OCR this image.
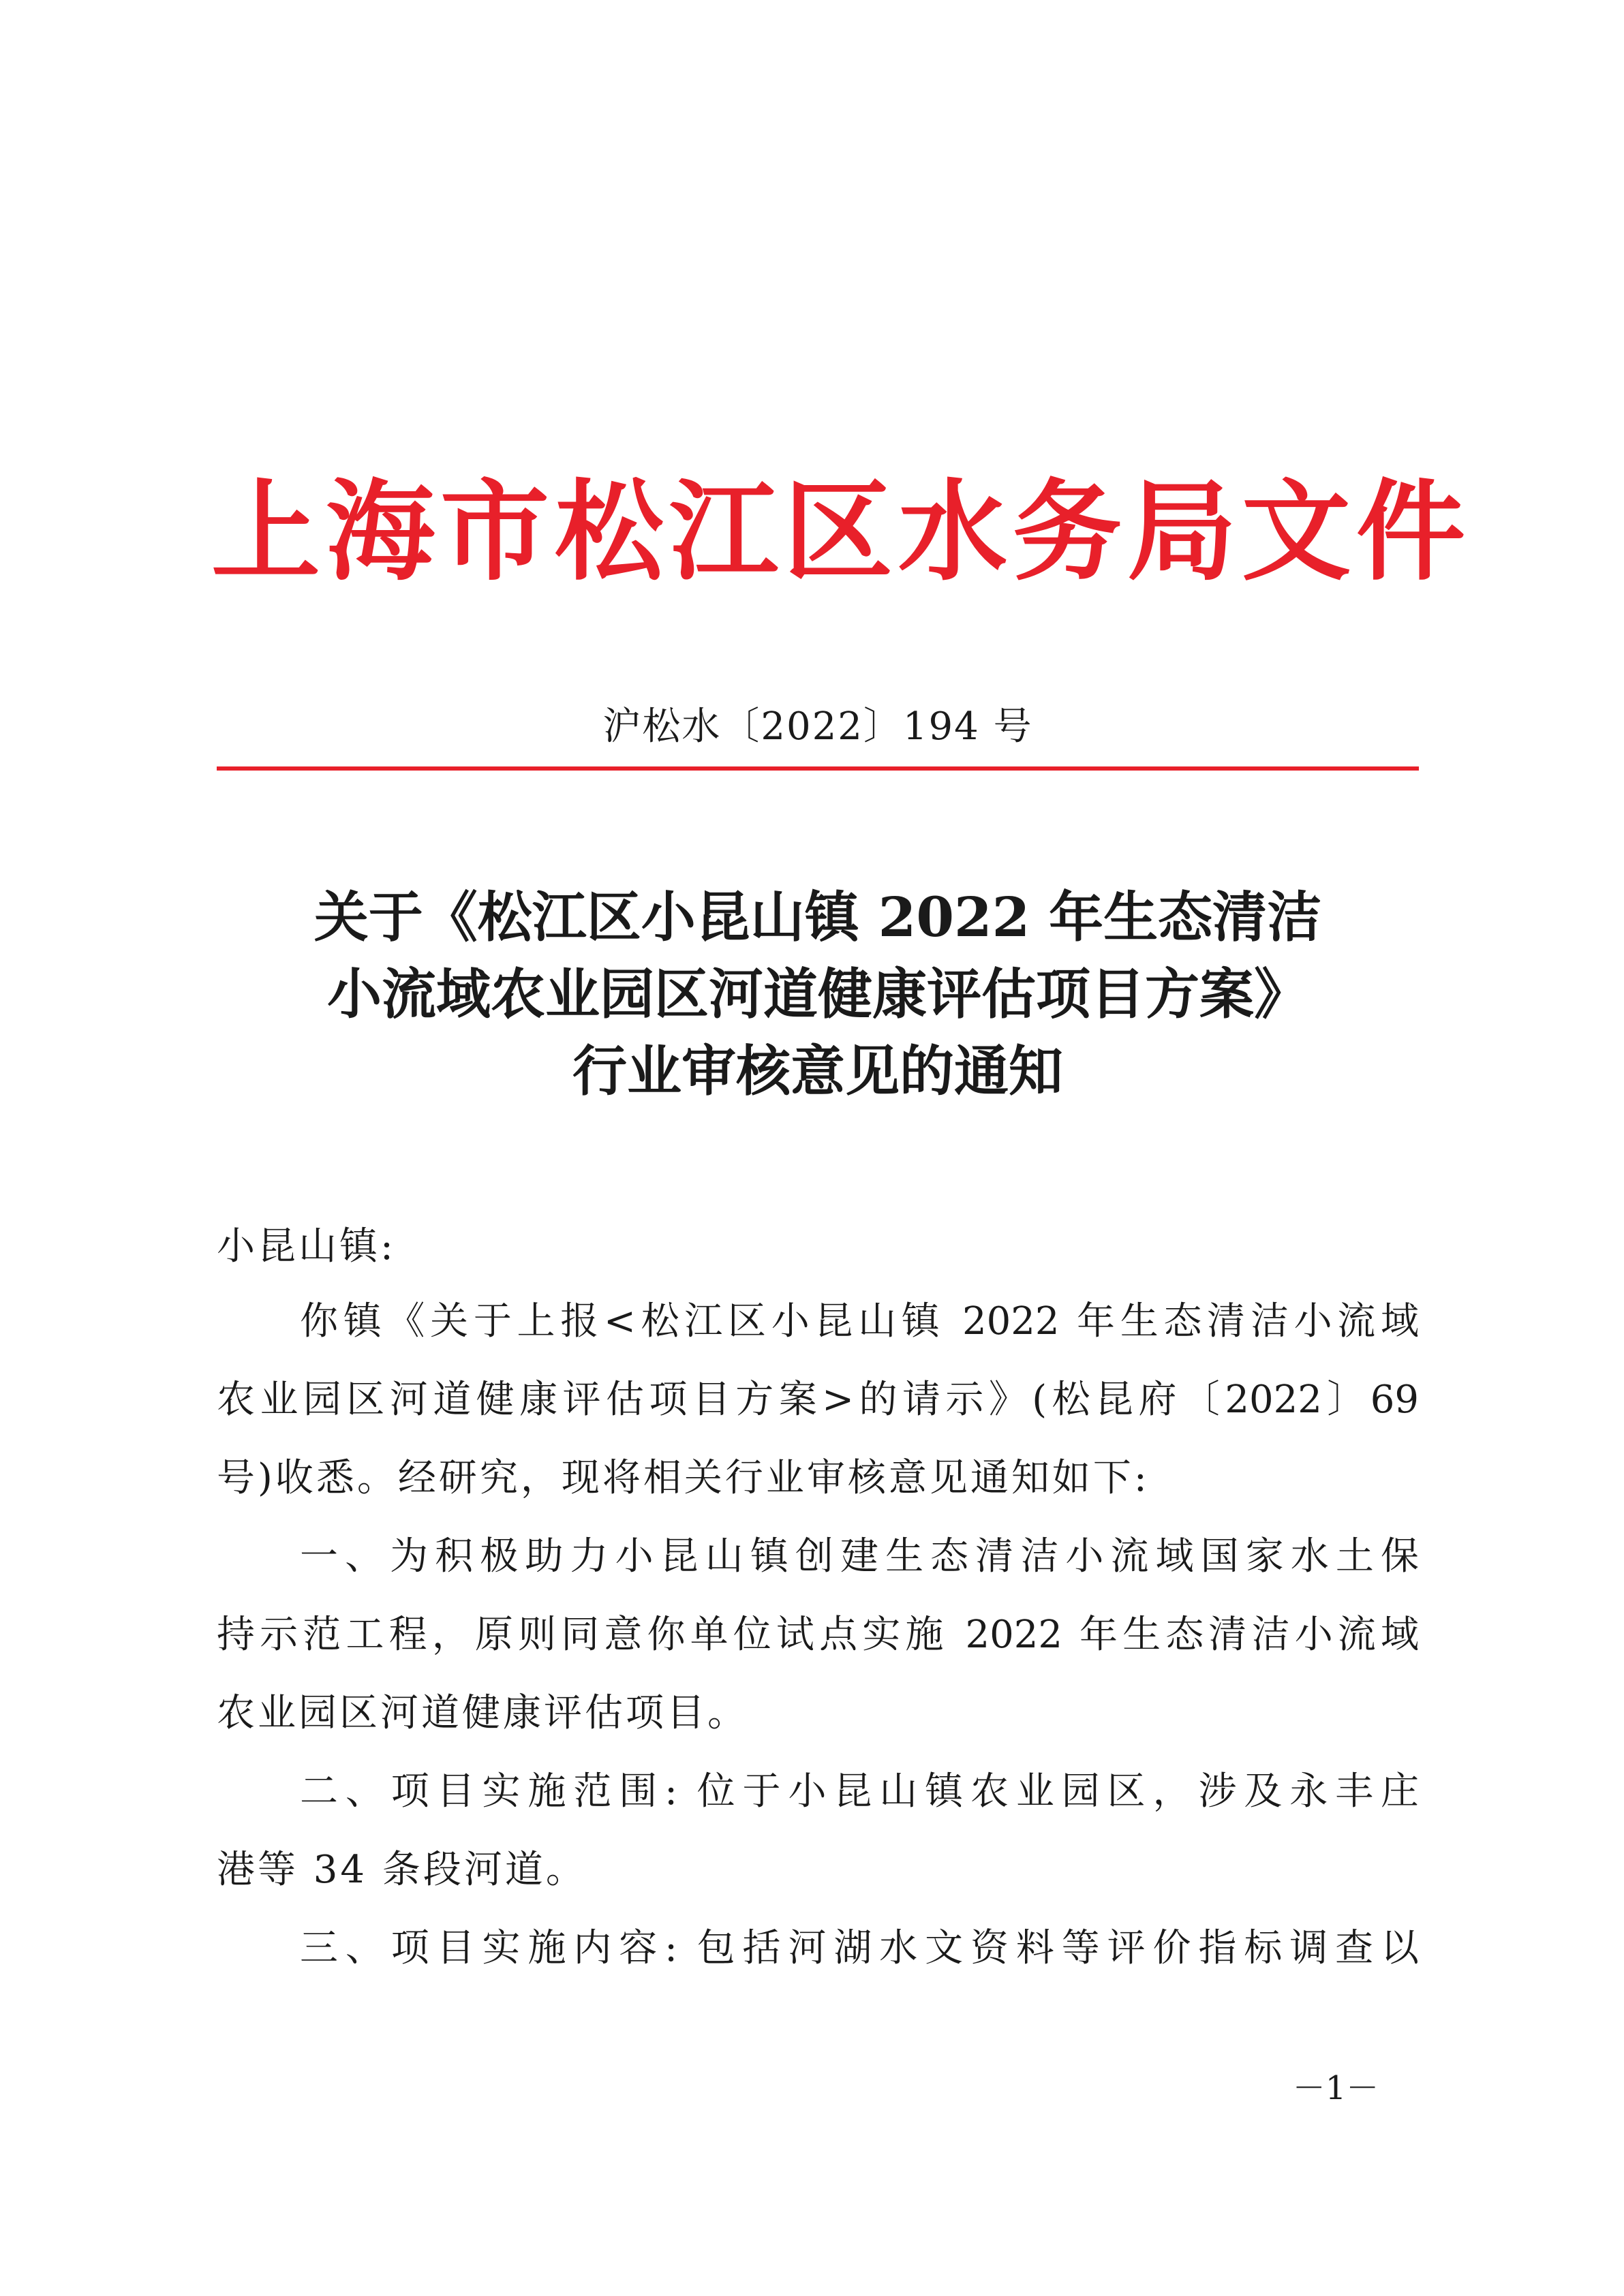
上海市松江区水务局文件
沪松水〔2022〕194 号
关于《松江区小昆山镇 2022 年生态清洁
小流域农业园区河道健康评估项目方案》
行业审核意见的通知
小昆山镇:
你镇《关于上报<松江区小昆山镇 2022 年生态清洁小流域
农业园区河道健康评估项目方案>的请示》(松昆府〔2022〕69
号)收悉。经研究，现将相关行业审核意见通知如下:
一、为积极助力小昆山镇创建生态清洁小流域国家水土保
持示范工程，原则同意你单位试点实施 2022 年生态清洁小流域
农业园区河道健康评估项目。
二、项目实施范围: 位于小昆山镇农业园区，涉及永丰庄
港等 34 条段河道。
三、项目实施内容: 包括河湖水文资料等评价指标调查以
－1－
